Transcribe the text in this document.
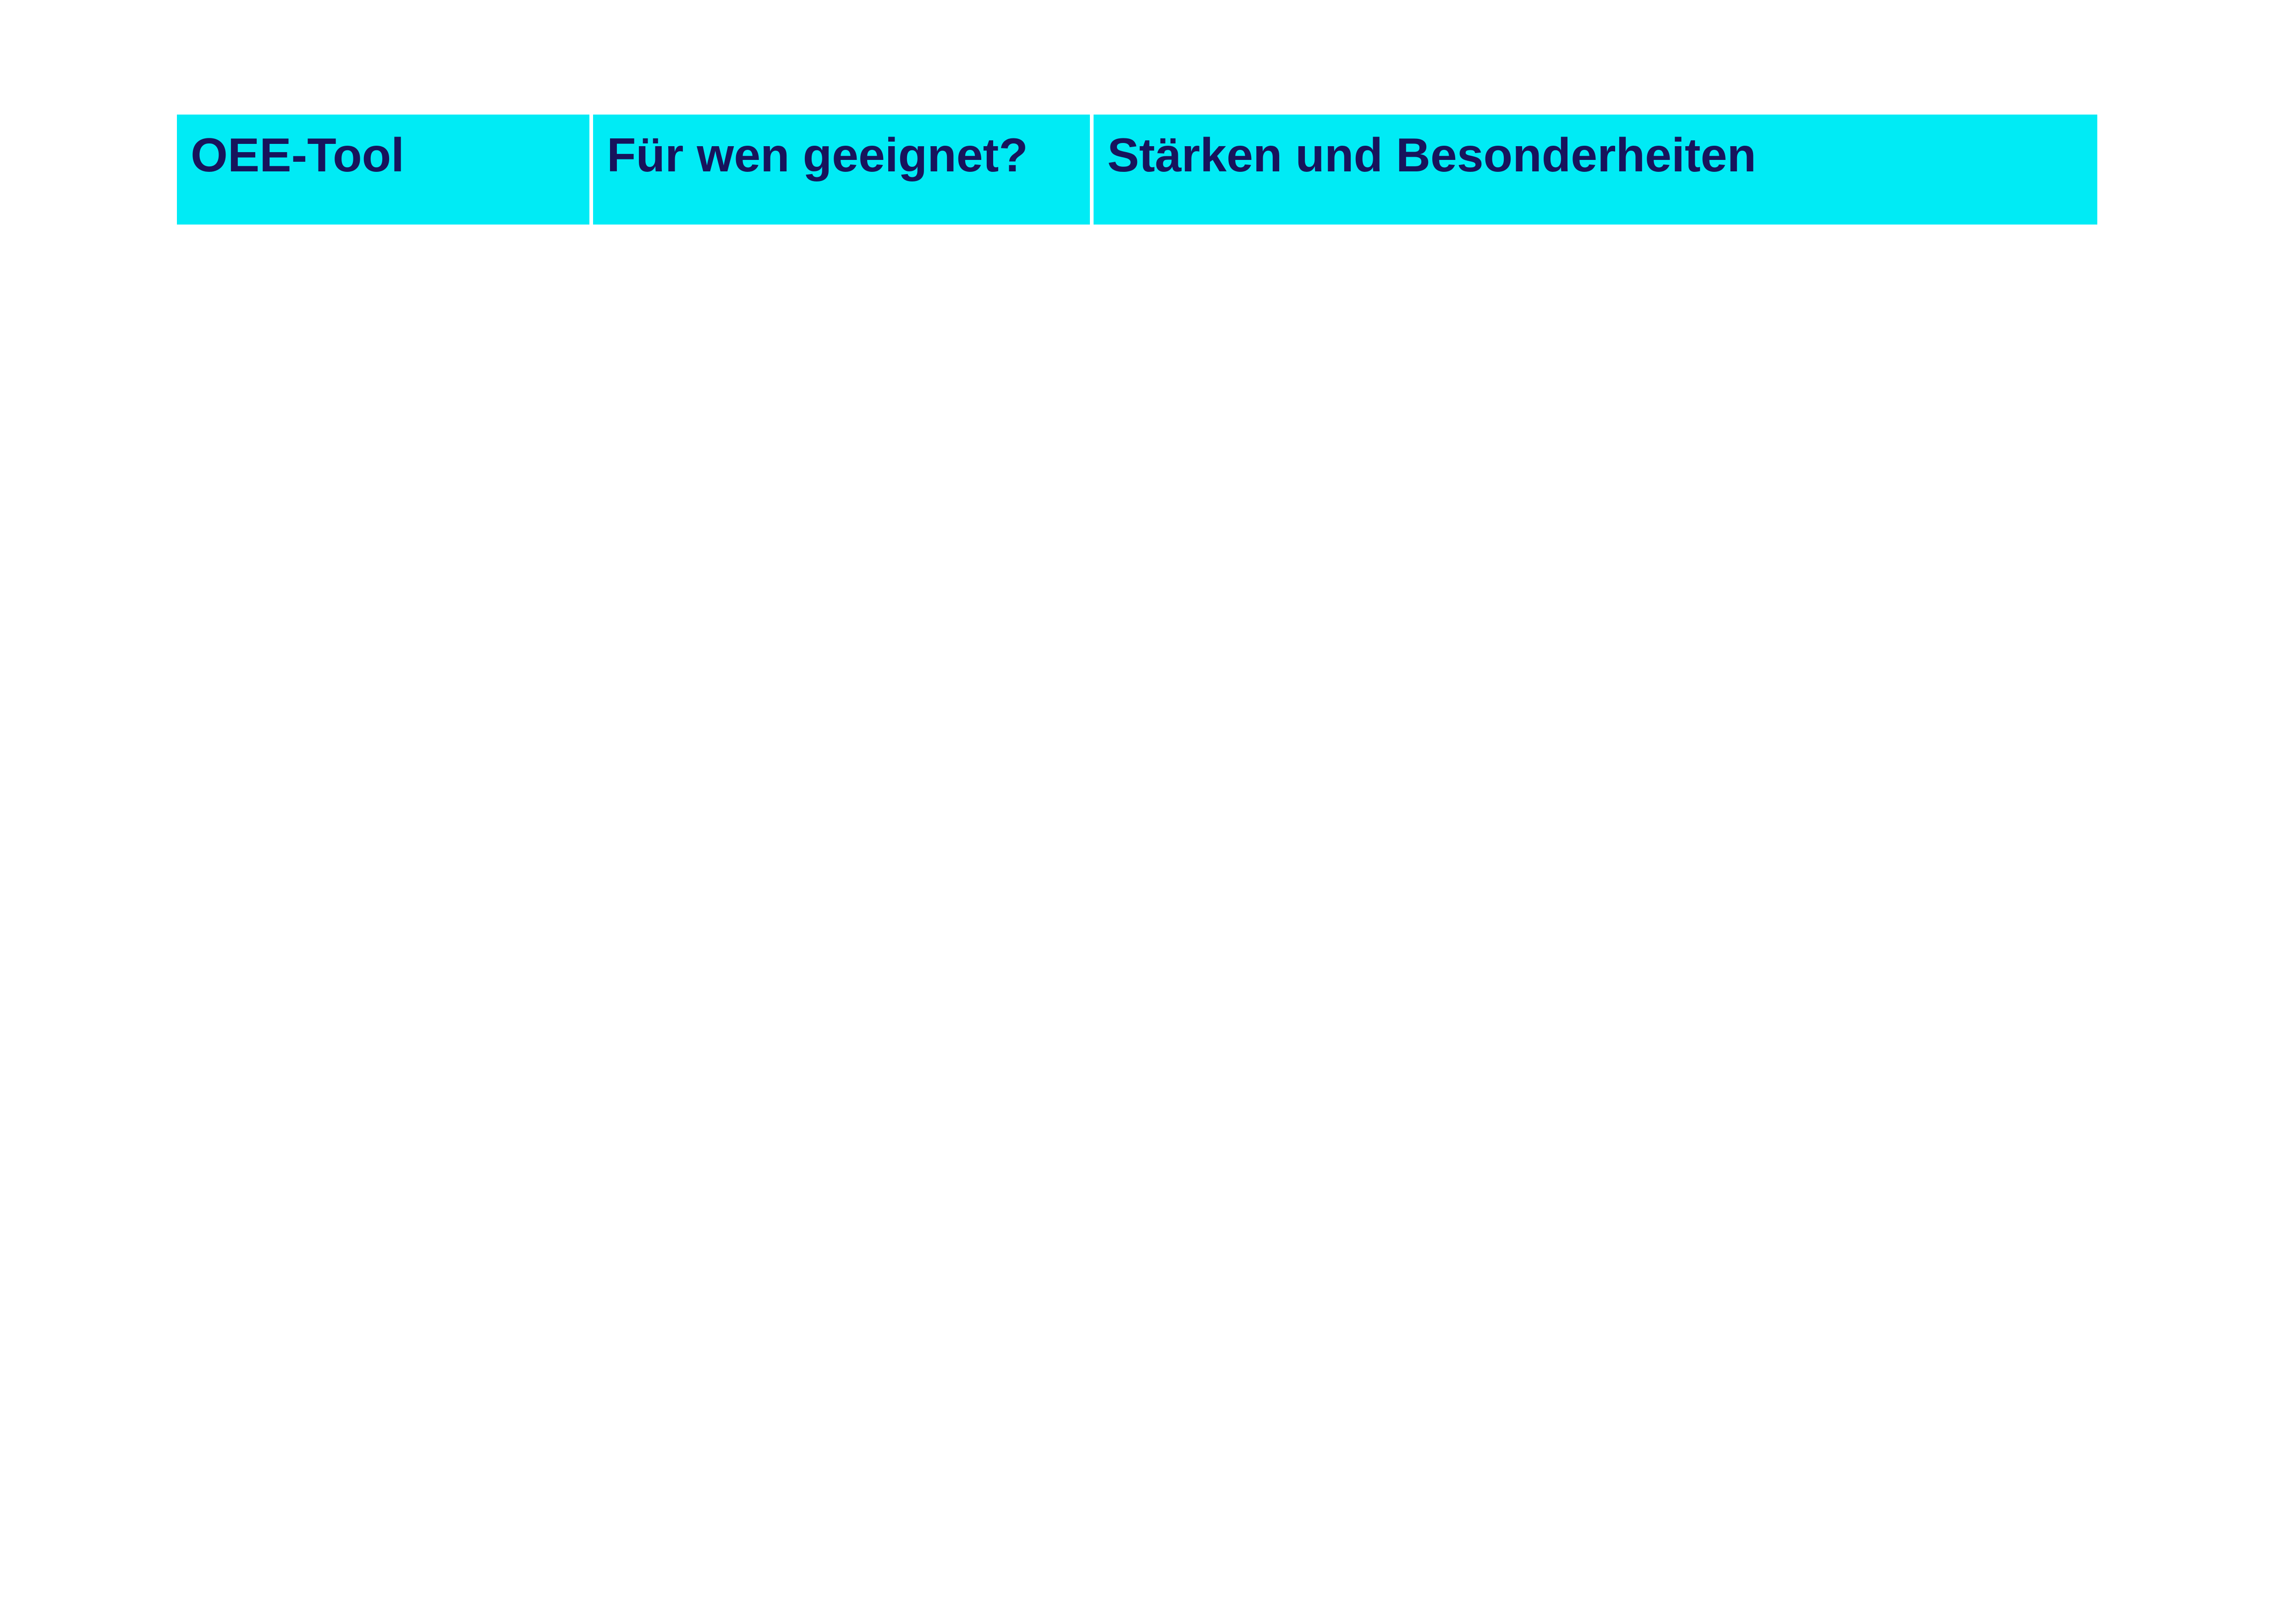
OEE-Tool	Für wen geeignet?	Stärken und Besonderheiten
